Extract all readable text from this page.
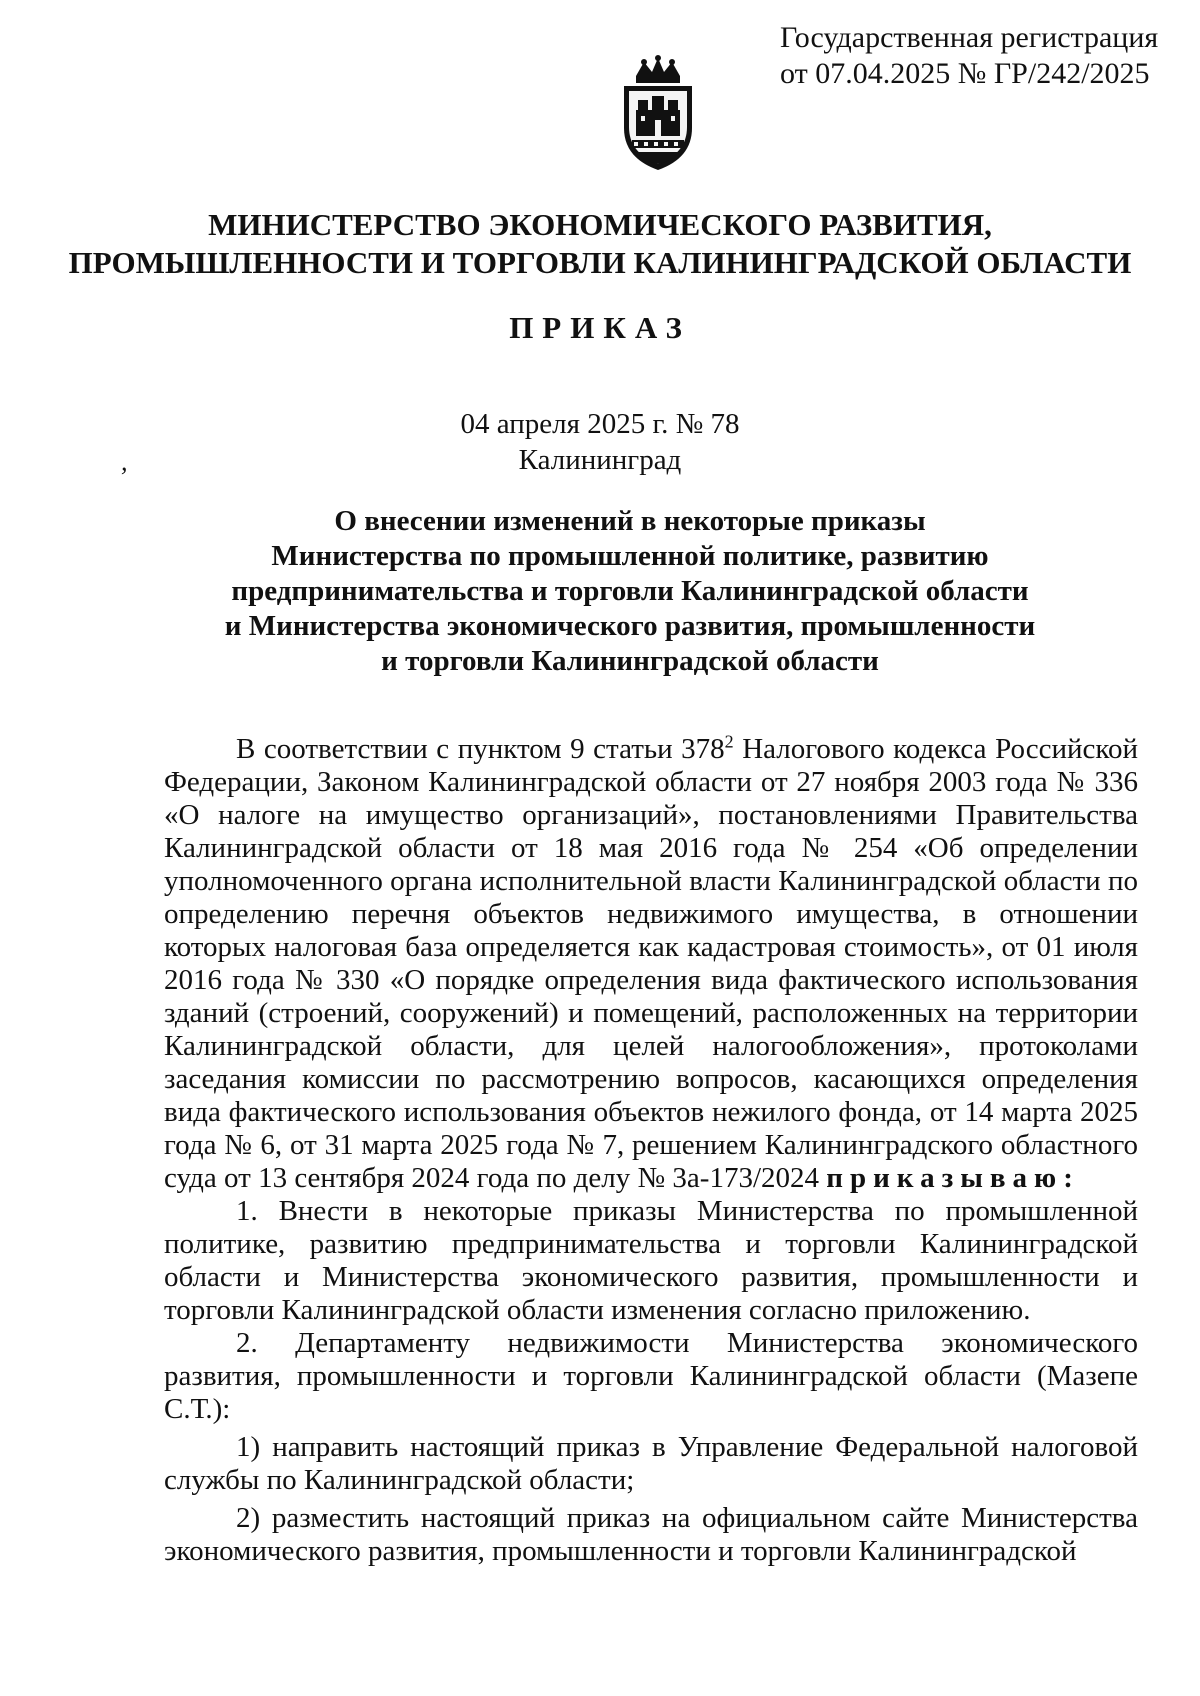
Государственная регистрация
от 07.04.2025 № ГР/242/2025
МИНИСТЕРСТВО ЭКОНОМИЧЕСКОГО РАЗВИТИЯ,
ПРОМЫШЛЕННОСТИ И ТОРГОВЛИ КАЛИНИНГРАДСКОЙ ОБЛАСТИ
ПРИКАЗ
04 апреля 2025 г. № 78
Калининград
’
О внесении изменений в некоторые приказы
Министерства по промышленной политике, развитию
предпринимательства и торговли Калининградской области
и Министерства экономического развития, промышленности
и торговли Калининградской области

В соответствии с пунктом 9 статьи $378^2$ Налогового кодекса Российской Федерации, Законом Калининградской области от 27 ноября 2003 года № 336 «О налоге на имущество организаций», постановлениями Правительства Калининградской области от 18 мая 2016 года № 254 «Об определении уполномоченного органа исполнительной власти Калининградской области по определению перечня объектов недвижимого имущества, в отношении которых налоговая база определяется как кадастровая стоимость», от 01 июля 2016 года № 330 «О порядке определения вида фактического использования зданий (строений, сооружений) и помещений, расположенных на территории Калининградской области, для целей налогообложения», протоколами заседания комиссии по рассмотрению вопросов, касающихся определения вида фактического использования объектов нежилого фонда, от 14 марта 2025 года № 6, от 31 марта 2025 года № 7, решением Калининградского областного суда от 13 сентября 2024 года по делу № 3а-173/2024 приказываю:

1. Внести в некоторые приказы Министерства по промышленной политике, развитию предпринимательства и торговли Калининградской области и Министерства экономического развития, промышленности и торговли Калининградской области изменения согласно приложению.

2. Департаменту недвижимости Министерства экономического развития, промышленности и торговли Калининградской области (Мазепе С.Т.):

1) направить настоящий приказ в Управление Федеральной налоговой службы по Калининградской области;

2) разместить настоящий приказ на официальном сайте Министерства экономического развития, промышленности и торговли Калининградской
